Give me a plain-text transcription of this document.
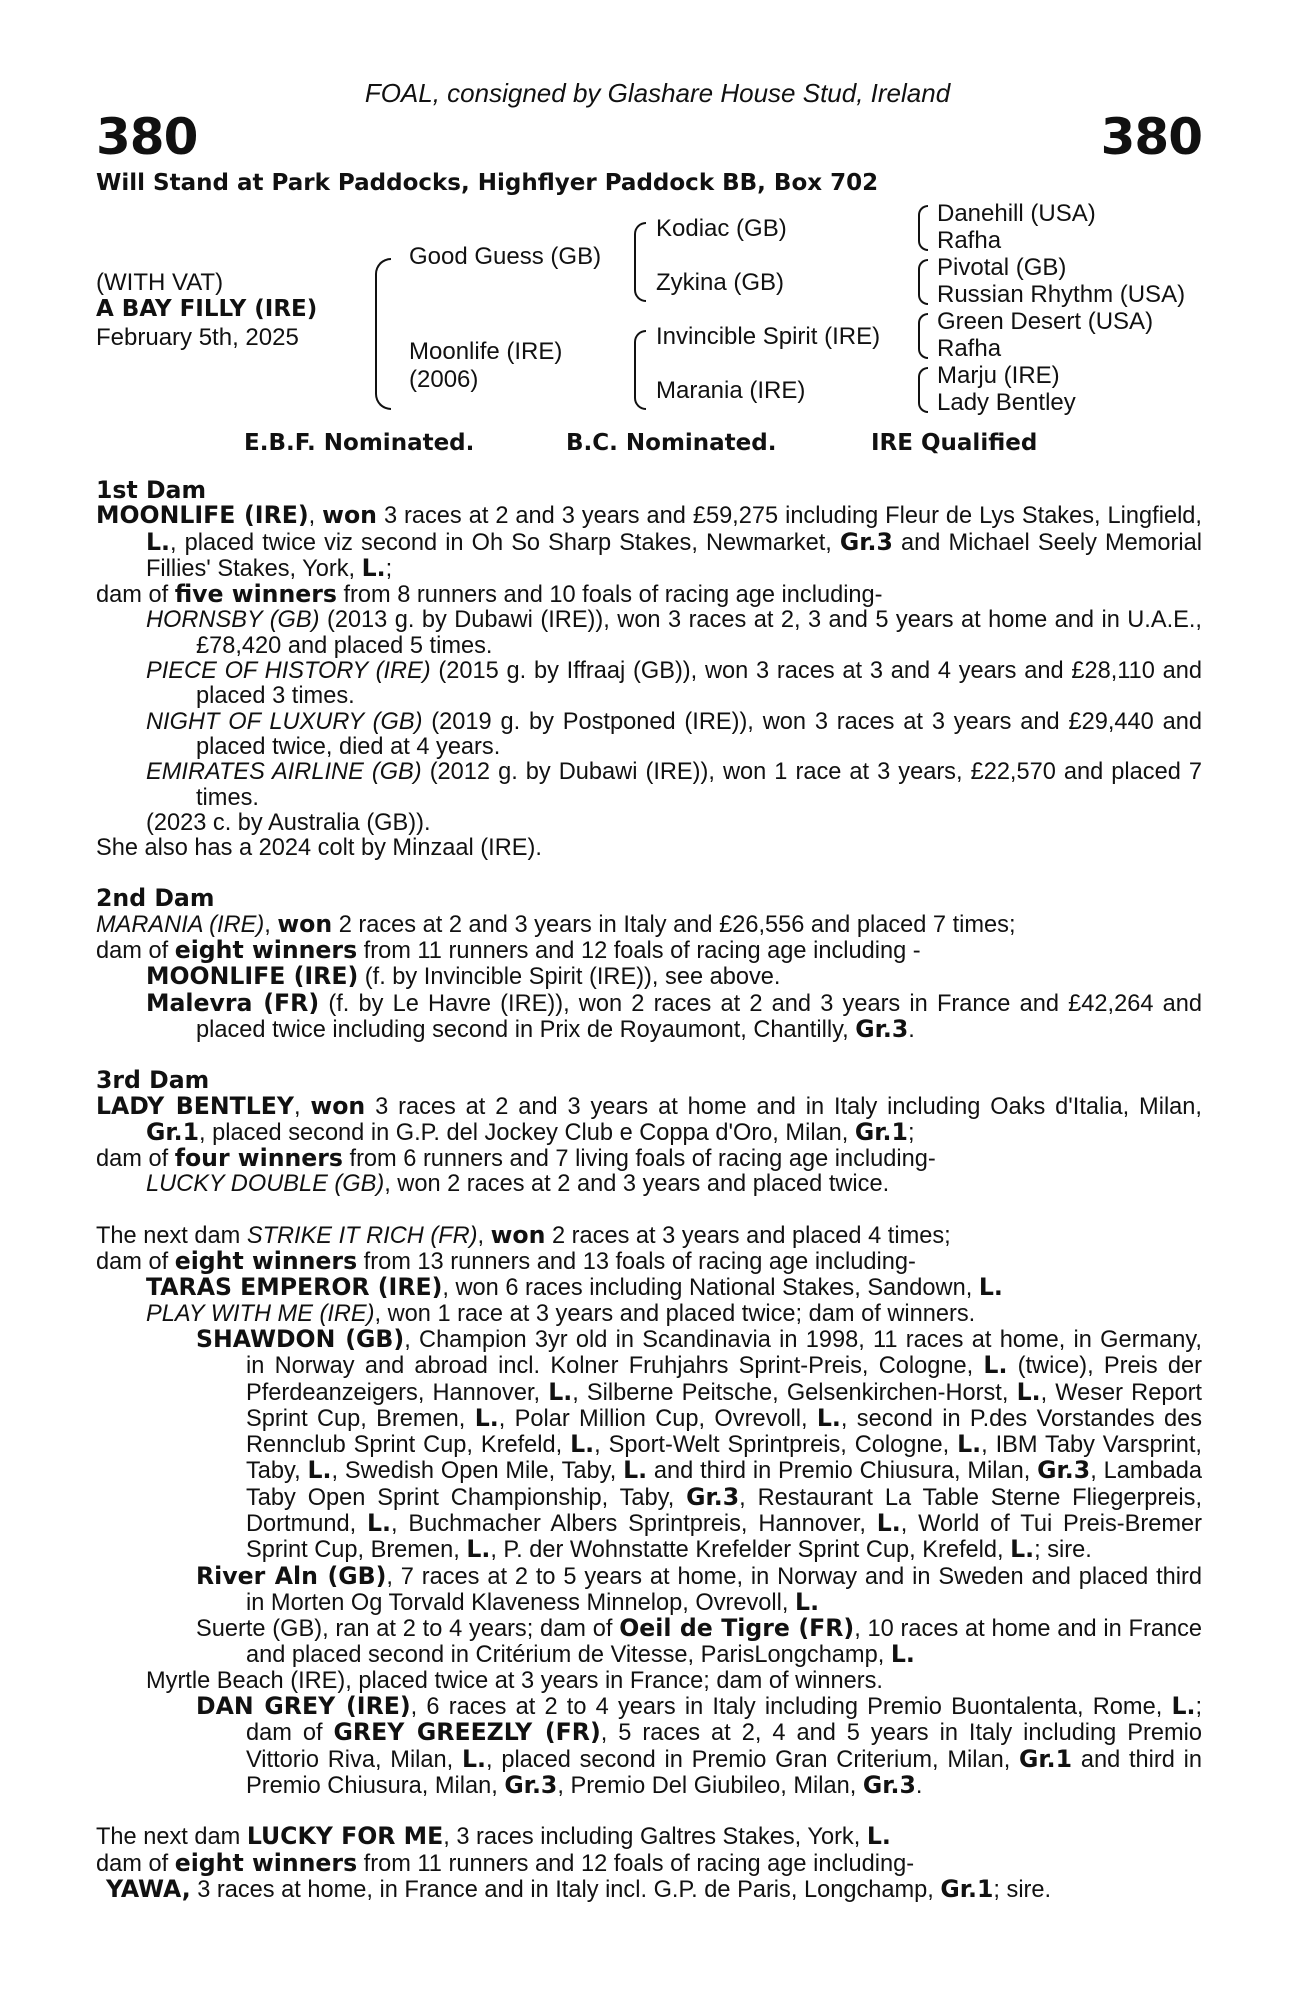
FOAL, consigned by Glashare House Stud, Ireland
380	380
Will Stand at Park Paddocks, Highflyer Paddock BB, Box 702
(WITH VAT)
A BAY FILLY (IRE)
February 5th, 2025
Good Guess (GB)
Moonlife (IRE)
(2006)
Kodiac (GB)
Zykina (GB)
Invincible Spirit (IRE)
Marania (IRE)
Danehill (USA)
Rafha
Pivotal (GB)
Russian Rhythm (USA)
Green Desert (USA)
Rafha
Marju (IRE)
Lady Bentley
E.B.F. Nominated.	B.C. Nominated.	IRE Qualified

1st Dam

MOONLIFE (IRE), won 3 races at 2 and 3 years and £59,275 including Fleur de Lys Stakes, Lingfield, L., placed twice viz second in Oh So Sharp Stakes, Newmarket, Gr.3 and Michael Seely Memorial Fillies' Stakes, York, L.;

dam of five winners from 8 runners and 10 foals of racing age including-

HORNSBY (GB) (2013 g. by Dubawi (IRE)), won 3 races at 2, 3 and 5 years at home and in U.A.E., £78,420 and placed 5 times.

PIECE OF HISTORY (IRE) (2015 g. by Iffraaj (GB)), won 3 races at 3 and 4 years and £28,110 and placed 3 times.

NIGHT OF LUXURY (GB) (2019 g. by Postponed (IRE)), won 3 races at 3 years and £29,440 and placed twice, died at 4 years.

EMIRATES AIRLINE (GB) (2012 g. by Dubawi (IRE)), won 1 race at 3 years, £22,570 and placed 7 times.

(2023 c. by Australia (GB)).

She also has a 2024 colt by Minzaal (IRE).

2nd Dam

MARANIA (IRE), won 2 races at 2 and 3 years in Italy and £26,556 and placed 7 times;

dam of eight winners from 11 runners and 12 foals of racing age including -

MOONLIFE (IRE) (f. by Invincible Spirit (IRE)), see above.

Malevra (FR) (f. by Le Havre (IRE)), won 2 races at 2 and 3 years in France and £42,264 and placed twice including second in Prix de Royaumont, Chantilly, Gr.3.

3rd Dam

LADY BENTLEY, won 3 races at 2 and 3 years at home and in Italy including Oaks d'Italia, Milan, Gr.1, placed second in G.P. del Jockey Club e Coppa d'Oro, Milan, Gr.1;

dam of four winners from 6 runners and 7 living foals of racing age including-

LUCKY DOUBLE (GB), won 2 races at 2 and 3 years and placed twice.

The next dam STRIKE IT RICH (FR), won 2 races at 3 years and placed 4 times;

dam of eight winners from 13 runners and 13 foals of racing age including-

TARAS EMPEROR (IRE), won 6 races including National Stakes, Sandown, L.

PLAY WITH ME (IRE), won 1 race at 3 years and placed twice; dam of winners.

SHAWDON (GB), Champion 3yr old in Scandinavia in 1998, 11 races at home, in Germany, in Norway and abroad incl. Kolner Fruhjahrs Sprint-Preis, Cologne, L. (twice), Preis der Pferdeanzeigers, Hannover, L., Silberne Peitsche, Gelsenkirchen-Horst, L., Weser Report Sprint Cup, Bremen, L., Polar Million Cup, Ovrevoll, L., second in P.des Vorstandes des Rennclub Sprint Cup, Krefeld, L., Sport-Welt Sprintpreis, Cologne, L., IBM Taby Varsprint, Taby, L., Swedish Open Mile, Taby, L. and third in Premio Chiusura, Milan, Gr.3, Lambada Taby Open Sprint Championship, Taby, Gr.3, Restaurant La Table Sterne Fliegerpreis, Dortmund, L., Buchmacher Albers Sprintpreis, Hannover, L., World of Tui Preis-Bremer Sprint Cup, Bremen, L., P. der Wohnstatte Krefelder Sprint Cup, Krefeld, L.; sire.

River Aln (GB), 7 races at 2 to 5 years at home, in Norway and in Sweden and placed third in Morten Og Torvald Klaveness Minnelop, Ovrevoll, L.

Suerte (GB), ran at 2 to 4 years; dam of Oeil de Tigre (FR), 10 races at home and in France and placed second in Critérium de Vitesse, ParisLongchamp, L.

Myrtle Beach (IRE), placed twice at 3 years in France; dam of winners.

DAN GREY (IRE), 6 races at 2 to 4 years in Italy including Premio Buontalenta, Rome, L.; dam of GREY GREEZLY (FR), 5 races at 2, 4 and 5 years in Italy including Premio Vittorio Riva, Milan, L., placed second in Premio Gran Criterium, Milan, Gr.1 and third in Premio Chiusura, Milan, Gr.3, Premio Del Giubileo, Milan, Gr.3.

The next dam LUCKY FOR ME, 3 races including Galtres Stakes, York, L.

dam of eight winners from 11 runners and 12 foals of racing age including-

YAWA, 3 races at home, in France and in Italy incl. G.P. de Paris, Longchamp, Gr.1; sire.
